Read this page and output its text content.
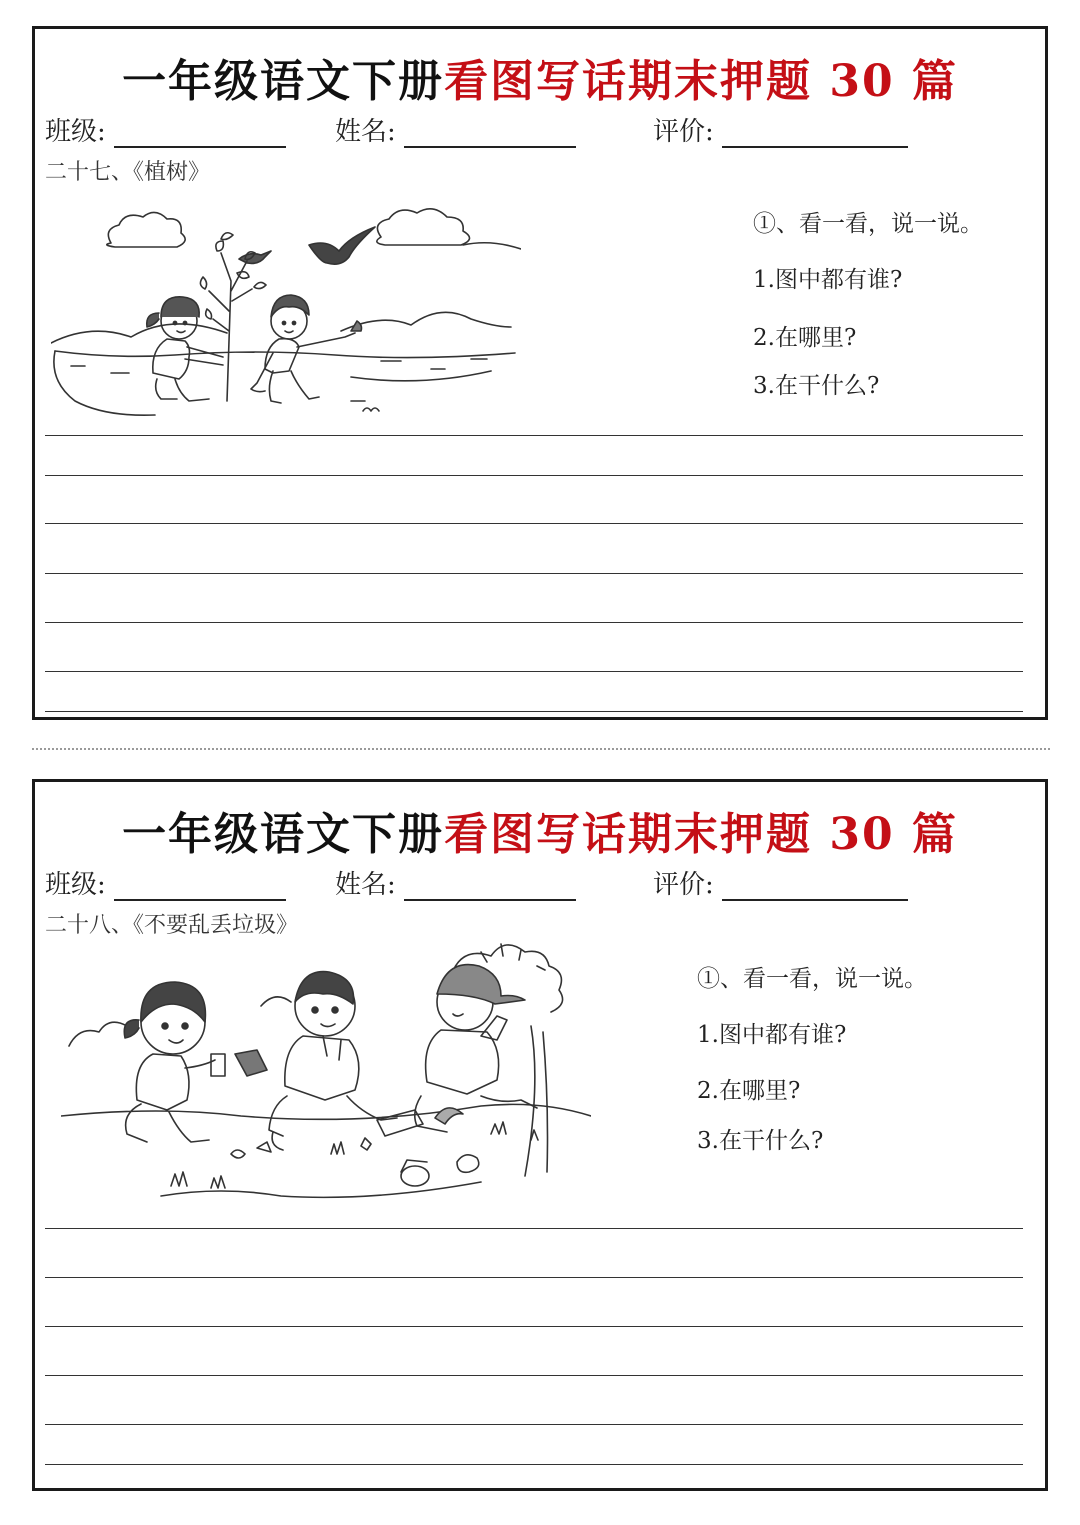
一年级语文下册看图写话期末押题 30 篇
班级:	姓名:	评价:
二十七、《植树》
①、看一看，说一说。
1.图中都有谁?
2.在哪里?
3.在干什么?
一年级语文下册看图写话期末押题 30 篇
班级:	姓名:	评价:
二十八、《不要乱丢垃圾》
①、看一看，说一说。
1.图中都有谁?
2.在哪里?
3.在干什么?
